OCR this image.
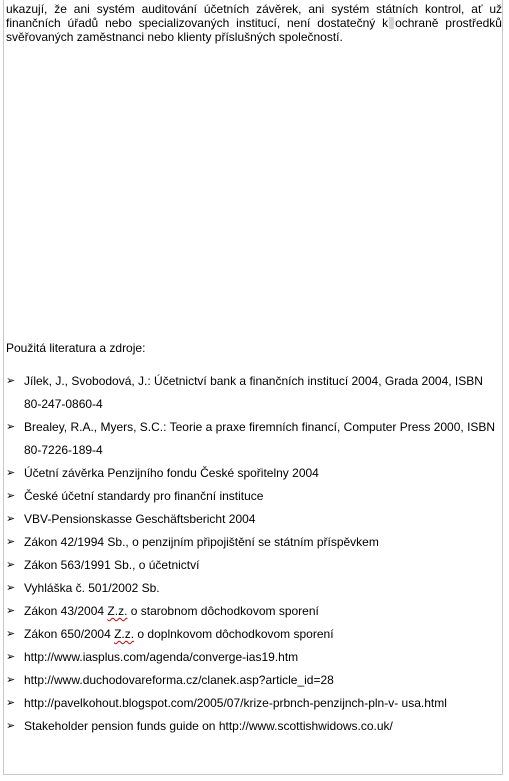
ukazují, že ani systém auditování účetních závěrek, ani systém státních kontrol, ať už finančních úřadů nebo specializovaných institucí, není dostatečný k ochraně prostředků svěřovaných zaměstnanci nebo klienty příslušných společností.
Použitá literatura a zdroje:
➢ Jílek, J., Svobodová, J.: Účetnictví bank a finančních institucí 2004, Grada 2004, ISBN 80-247-0860-4
➢ Brealey, R.A., Myers, S.C.: Teorie a praxe firemních financí, Computer Press 2000, ISBN 80-7226-189-4
➢ Účetní závěrka Penzijního fondu České spořitelny 2004
➢ České účetní standardy pro finanční instituce
➢ VBV-Pensionskasse Geschäftsbericht 2004
➢ Zákon 42/1994 Sb., o penzijním připojištění se státním příspěvkem
➢ Zákon 563/1991 Sb., o účetnictví
➢ Vyhláška č. 501/2002 Sb.
➢ Zákon 43/2004 Z.z. o starobnom dôchodkovom sporení
➢ Zákon 650/2004 Z.z. o doplnkovom dôchodkovom sporení
➢ http://www.iasplus.com/agenda/converge-ias19.htm
➢ http://www.duchodovareforma.cz/clanek.asp?article_id=28
➢ http://pavelkohout.blogspot.com/2005/07/krize-prbnch-penzijnch-pln-v- usa.html
➢ Stakeholder pension funds guide on http://www.scottishwidows.co.uk/
